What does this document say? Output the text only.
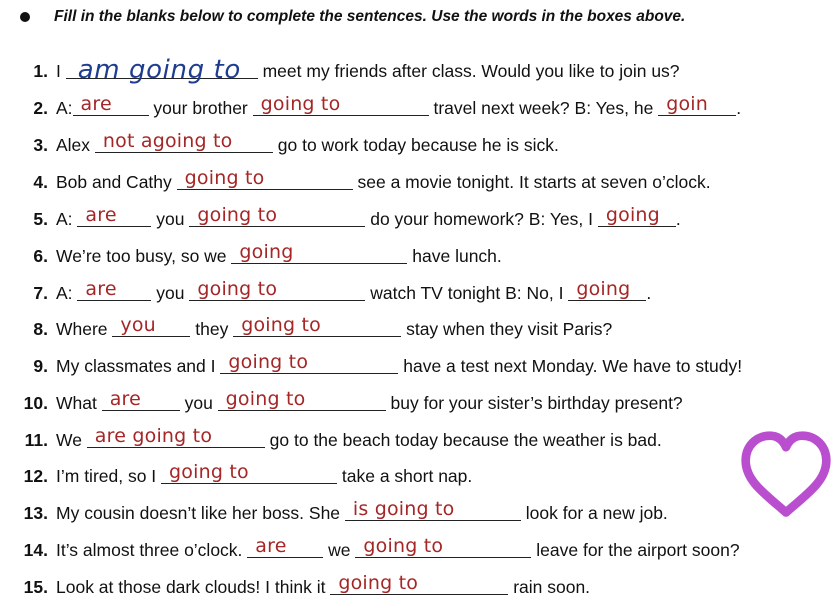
Fill in the blanks below to complete the sentences. Use the words in the boxes above.
1. I am going to meet my friends after class. Would you like to join us?
2. A: are your brother going to	travel next week? B: Yes, he goin .
3. Alex not agoing to go to work today because he is sick.
4. Bob and Cathy going to	see a movie tonight. It starts at seven o’clock.
5. A: are you going to	do your homework? B: Yes, I going .
6. We’re too busy, so we going	have lunch.
7. A: are you going to	watch TV tonight B: No, I going .
8. Where you they going to	stay when they visit Paris?
9. My classmates and I going to	have a test next Monday. We have to study!
10. What are you going to	buy for your sister’s birthday present?
11. We are going to	go to the beach today because the weather is bad.
12. I’m tired, so I going to	take a short nap.
13. My cousin doesn’t like her boss. She is going to	look for a new job.
14. It’s almost three o’clock. are we going to	leave for the airport soon?
15. Look at those dark clouds! I think it going to	rain soon.
